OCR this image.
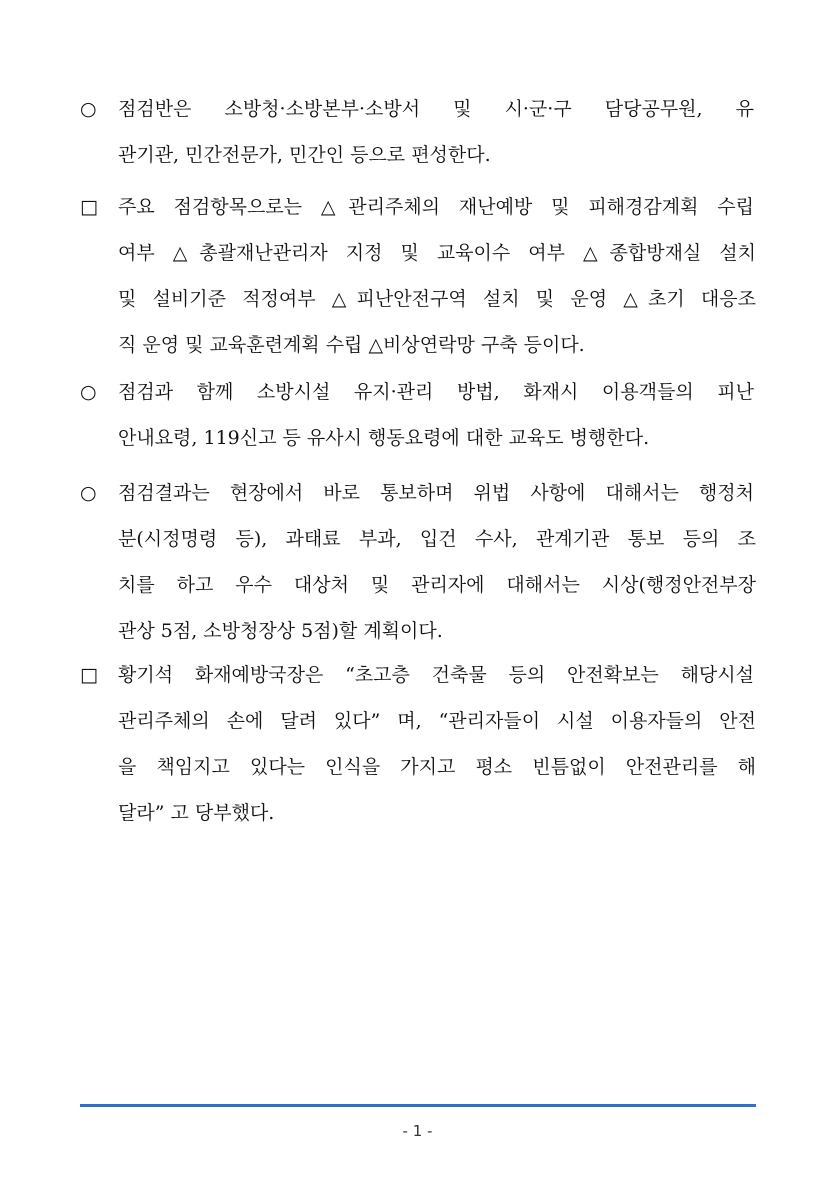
○ 점검반은 소방청·소방본부·소방서 및 시·군·구 담당공무원, 유
관기관, 민간전문가, 민간인 등으로 편성한다.
□ 주요 점검항목으로는 △관리주체의 재난예방 및 피해경감계획 수립
여부 △총괄재난관리자 지정 및 교육이수 여부 △종합방재실 설치
및 설비기준 적정여부 △피난안전구역 설치 및 운영 △초기 대응조
직 운영 및 교육훈련계획 수립 △비상연락망 구축 등이다.
○ 점검과 함께 소방시설 유지·관리 방법, 화재시 이용객들의 피난
안내요령, 119신고 등 유사시 행동요령에 대한 교육도 병행한다.
○ 점검결과는 현장에서 바로 통보하며 위법 사항에 대해서는 행정처
분(시정명령 등), 과태료 부과, 입건 수사, 관계기관 통보 등의 조
치를 하고 우수 대상처 및 관리자에 대해서는 시상(행정안전부장
관상 5점, 소방청장상 5점)할 계획이다.
□ 황기석 화재예방국장은 “초고층 건축물 등의 안전확보는 해당시설
관리주체의 손에 달려 있다” 며, “관리자들이 시설 이용자들의 안전
을 책임지고 있다는 인식을 가지고 평소 빈틈없이 안전관리를 해
달라” 고 당부했다.
- 1 -
